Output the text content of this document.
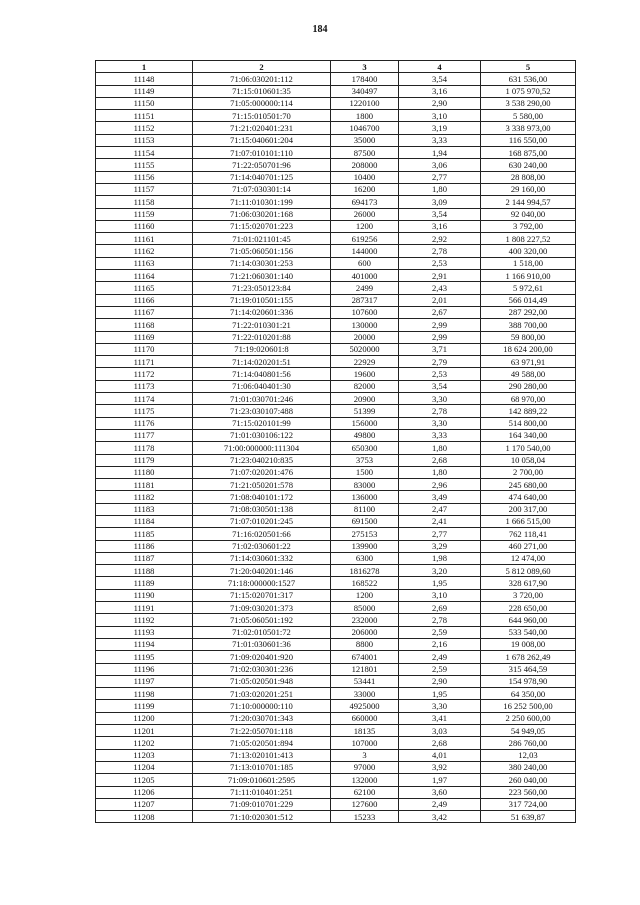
184
1	2	3	4	5
11148	71:06:030201:112	178400	3,54	631 536,00
11149	71:15:010601:35	340497	3,16	1 075 970,52
11150	71:05:000000:114	1220100	2,90	3 538 290,00
11151	71:15:010501:70	1800	3,10	5 580,00
11152	71:21:020401:231	1046700	3,19	3 338 973,00
11153	71:15:040601:204	35000	3,33	116 550,00
11154	71:07:010101:110	87500	1,94	168 875,00
11155	71:22:050701:96	208000	3,06	630 240,00
11156	71:14:040701:125	10400	2,77	28 808,00
11157	71:07:030301:14	16200	1,80	29 160,00
11158	71:11:010301:199	694173	3,09	2 144 994,57
11159	71:06:030201:168	26000	3,54	92 040,00
11160	71:15:020701:223	1200	3,16	3 792,00
11161	71:01:021101:45	619256	2,92	1 808 227,52
11162	71:05:060501:156	144000	2,78	400 320,00
11163	71:14:030301:253	600	2,53	1 518,00
11164	71:21:060301:140	401000	2,91	1 166 910,00
11165	71:23:050123:84	2499	2,43	5 972,61
11166	71:19:010501:155	287317	2,01	566 014,49
11167	71:14:020601:336	107600	2,67	287 292,00
11168	71:22:010301:21	130000	2,99	388 700,00
11169	71:22:010201:88	20000	2,99	59 800,00
11170	71:19:020601:8	5020000	3,71	18 624 200,00
11171	71:14:020201:51	22929	2,79	63 971,91
11172	71:14:040801:56	19600	2,53	49 588,00
11173	71:06:040401:30	82000	3,54	290 280,00
11174	71:01:030701:246	20900	3,30	68 970,00
11175	71:23:030107:488	51399	2,78	142 889,22
11176	71:15:020101:99	156000	3,30	514 800,00
11177	71:01:030106:122	49800	3,33	164 340,00
11178	71:00:000000:111304	650300	1,80	1 170 540,00
11179	71:23:040210:835	3753	2,68	10 058,04
11180	71:07:020201:476	1500	1,80	2 700,00
11181	71:21:050201:578	83000	2,96	245 680,00
11182	71:08:040101:172	136000	3,49	474 640,00
11183	71:08:030501:138	81100	2,47	200 317,00
11184	71:07:010201:245	691500	2,41	1 666 515,00
11185	71:16:020501:66	275153	2,77	762 118,41
11186	71:02:030601:22	139900	3,29	460 271,00
11187	71:14:030601:332	6300	1,98	12 474,00
11188	71:20:040201:146	1816278	3,20	5 812 089,60
11189	71:18:000000:1527	168522	1,95	328 617,90
11190	71:15:020701:317	1200	3,10	3 720,00
11191	71:09:030201:373	85000	2,69	228 650,00
11192	71:05:060501:192	232000	2,78	644 960,00
11193	71:02:010501:72	206000	2,59	533 540,00
11194	71:01:030601:36	8800	2,16	19 008,00
11195	71:09:020401:920	674001	2,49	1 678 262,49
11196	71:02:030301:236	121801	2,59	315 464,59
11197	71:05:020501:948	53441	2,90	154 978,90
11198	71:03:020201:251	33000	1,95	64 350,00
11199	71:10:000000:110	4925000	3,30	16 252 500,00
11200	71:20:030701:343	660000	3,41	2 250 600,00
11201	71:22:050701:118	18135	3,03	54 949,05
11202	71:05:020501:894	107000	2,68	286 760,00
11203	71:13:020101:413	3	4,01	12,03
11204	71:13:010701:185	97000	3,92	380 240,00
11205	71:09:010601:2595	132000	1,97	260 040,00
11206	71:11:010401:251	62100	3,60	223 560,00
11207	71:09:010701:229	127600	2,49	317 724,00
11208	71:10:020301:512	15233	3,42	51 639,87
